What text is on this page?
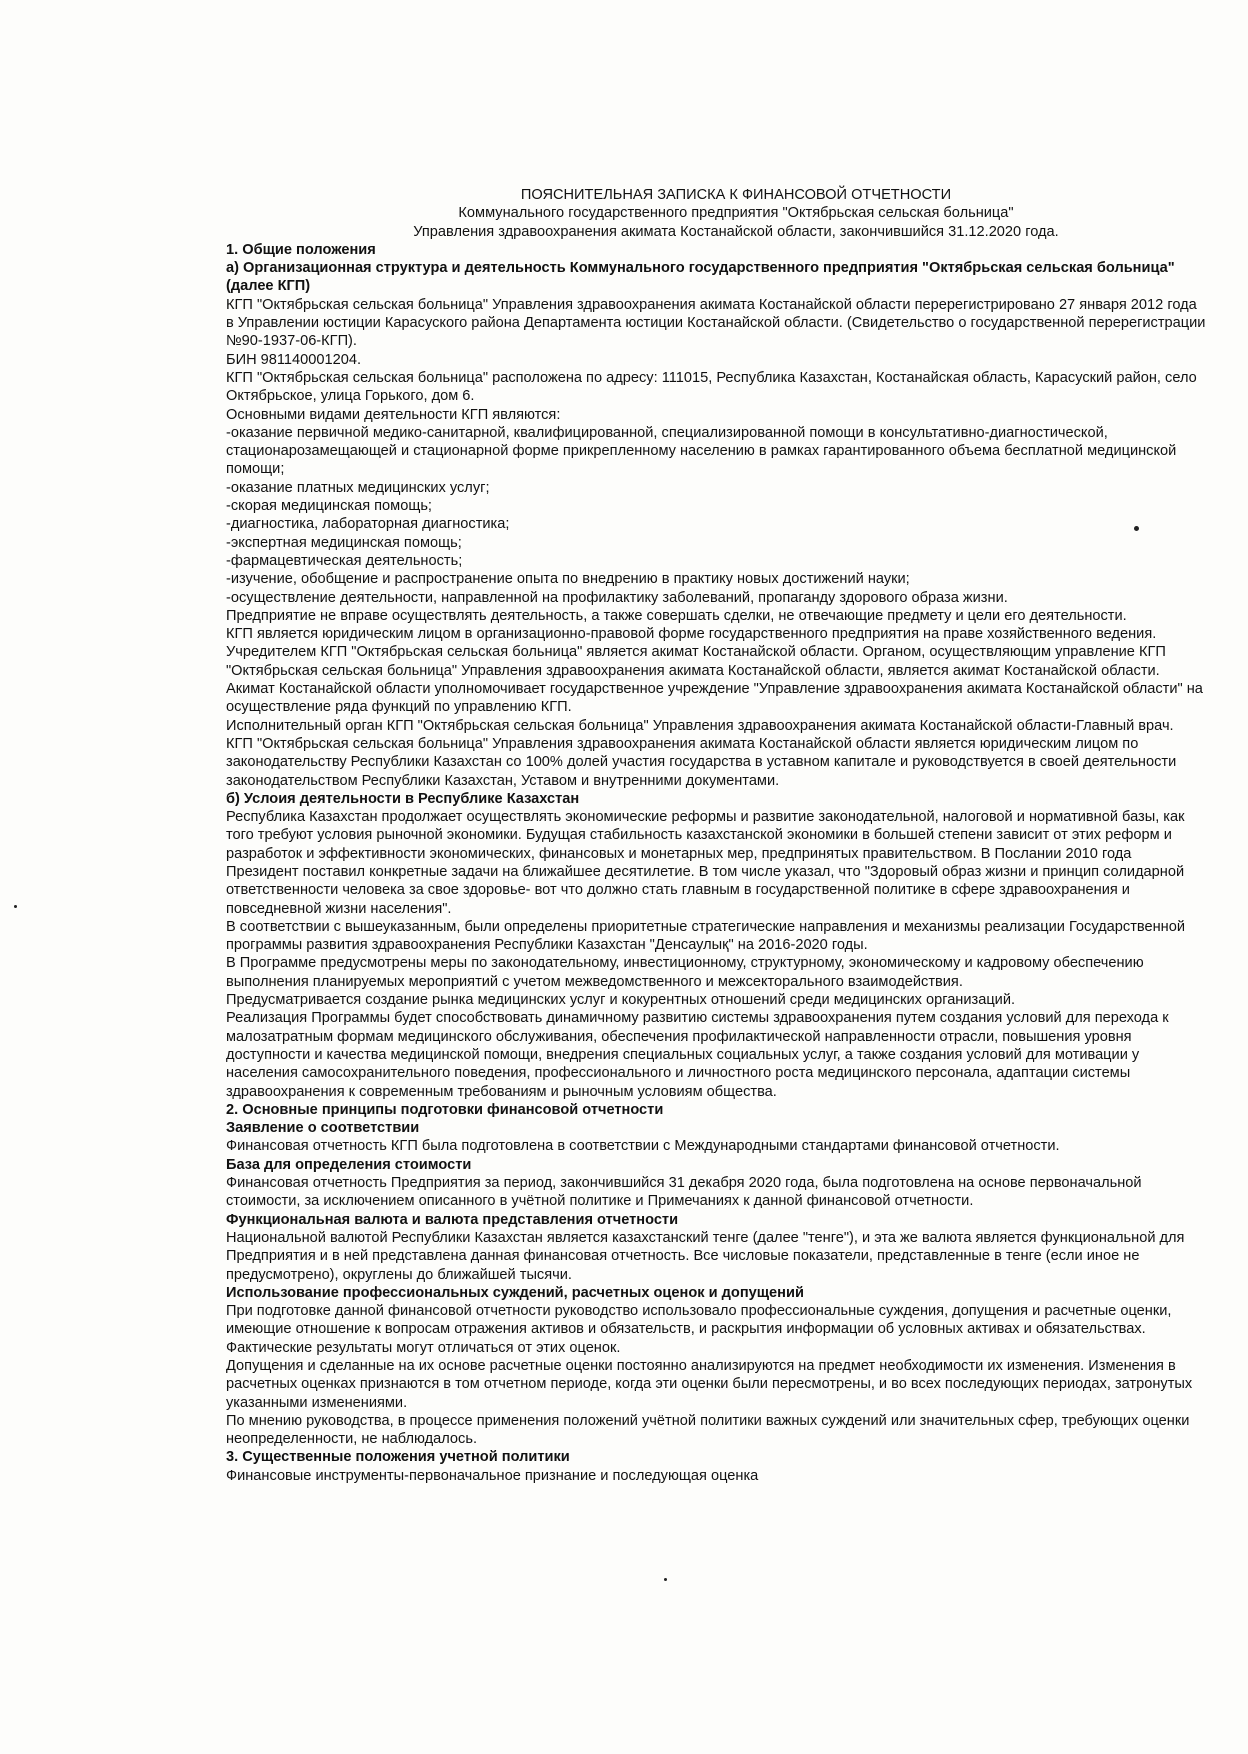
ПОЯСНИТЕЛЬНАЯ ЗАПИСКА К ФИНАНСОВОЙ ОТЧЕТНОСТИ
Коммунального государственного предприятия "Октябрьская сельская больница"
Управления здравоохранения акимата Костанайской области, закончившийся 31.12.2020 года.

1. Общие положения

а) Организационная структура и деятельность Коммунального государственного предприятия "Октябрьская сельская больница" (далее КГП)

КГП "Октябрьская сельская больница" Управления здравоохранения акимата Костанайской области перерегистрировано 27 января 2012 года в Управлении юстиции Карасуского района Департамента юстиции Костанайской области. (Свидетельство о государственной перерегистрации №90-1937-06-КГП).

БИН 981140001204.

КГП "Октябрьская сельская больница" расположена по адресу: 111015, Республика Казахстан, Костанайская область, Карасуский район, село Октябрьское, улица Горького, дом 6.

Основными видами деятельности КГП являются:

-оказание первичной медико-санитарной, квалифицированной, специализированной помощи в консультативно-диагностической, стационарозамещающей и стационарной форме прикрепленному населению в рамках гарантированного объема бесплатной медицинской помощи;

-оказание платных медицинских услуг;

-скорая медицинская помощь;

-диагностика, лабораторная диагностика;

-экспертная медицинская помощь;

-фармацевтическая деятельность;

-изучение, обобщение и распространение опыта по внедрению в практику новых достижений науки;

-осуществление деятельности, направленной на профилактику заболеваний, пропаганду здорового образа жизни.

Предприятие не вправе осуществлять деятельность, а также совершать сделки, не отвечающие предмету и цели его деятельности.

КГП является юридическим лицом в организационно-правовой форме государственного предприятия на праве хозяйственного ведения.

Учредителем КГП "Октябрьская сельская больница" является акимат Костанайской области. Органом, осуществляющим управление КГП "Октябрьская сельская больница" Управления здравоохранения акимата Костанайской области, является акимат Костанайской области. Акимат Костанайской области уполномочивает государственное учреждение "Управление здравоохранения акимата Костанайской области" на осуществление ряда функций по управлению КГП.

Исполнительный орган КГП "Октябрьская сельская больница" Управления здравоохранения акимата Костанайской области-Главный врач.

КГП "Октябрьская сельская больница" Управления здравоохранения акимата Костанайской области является юридическим лицом по законодательству Республики Казахстан со 100% долей участия государства в уставном капитале и руководствуется в своей деятельности законодательством Республики Казахстан, Уставом и внутренними документами.

б) Услоия деятельности в Республике Казахстан

Республика Казахстан продолжает осуществлять экономические реформы и развитие законодательной, налоговой и нормативной базы, как того требуют условия рыночной экономики. Будущая стабильность казахстанской экономики в большей степени зависит от этих реформ и разработок и эффективности экономических, финансовых и монетарных мер, предпринятых правительством. В Послании 2010 года Президент поставил конкретные задачи на ближайшее десятилетие. В том числе указал, что "Здоровый образ жизни и принцип солидарной ответственности человека за свое здоровье- вот что должно стать главным в государственной политике в сфере здравоохранения и повседневной жизни населения".

В соответствии с вышеуказанным, были определены приоритетные стратегические направления и механизмы реализации Государственной программы развития здравоохранения Республики Казахстан "Денсаулық" на 2016-2020 годы.

В Программе предусмотрены меры по законодательному, инвестиционному, структурному, экономическому и кадровому обеспечению выполнения планируемых мероприятий с учетом межведомственного и межсекторального взаимодействия.

Предусматривается создание рынка медицинских услуг и кокурентных отношений среди медицинских организаций.

Реализация Программы будет способствовать динамичному развитию системы здравоохранения путем создания условий для перехода к малозатратным формам медицинского обслуживания, обеспечения профилактической направленности отрасли, повышения уровня доступности и качества медицинской помощи, внедрения специальных социальных услуг, а также создания условий для мотивации у населения самосохранительного поведения, профессионального и личностного роста медицинского персонала, адаптации системы здравоохранения к современным требованиям и рыночным условиям общества.

2. Основные принципы подготовки финансовой отчетности

Заявление о соответствии

Финансовая отчетность КГП была подготовлена в соответствии с Международными стандартами финансовой отчетности.

База для определения стоимости

Финансовая отчетность Предприятия за период, закончившийся 31 декабря 2020 года, была подготовлена на основе первоначальной стоимости, за исключением описанного в учётной политике и Примечаниях к данной финансовой отчетности.

Функциональная валюта и валюта представления отчетности

Национальной валютой Республики Казахстан является казахстанский тенге (далее "тенге"), и эта же валюта является функциональной для Предприятия и в ней представлена данная финансовая отчетность. Все числовые показатели, представленные в тенге (если иное не предусмотрено), округлены до ближайшей тысячи.

Использование профессиональных суждений, расчетных оценок и допущений

При подготовке данной финансовой отчетности руководство использовало профессиональные суждения, допущения и расчетные оценки, имеющие отношение к вопросам отражения активов и обязательств, и раскрытия информации об условных активах и обязательствах. Фактические результаты могут отличаться от этих оценок.

Допущения и сделанные на их основе расчетные оценки постоянно анализируются на предмет необходимости их изменения. Изменения в расчетных оценках признаются в том отчетном периоде, когда эти оценки были пересмотрены, и во всех последующих периодах, затронутых указанными изменениями.

По мнению руководства, в процессе применения положений учётной политики важных суждений или значительных сфер, требующих оценки неопределенности, не наблюдалось.

3. Существенные положения учетной политики

Финансовые инструменты-первоначальное признание и последующая оценка
